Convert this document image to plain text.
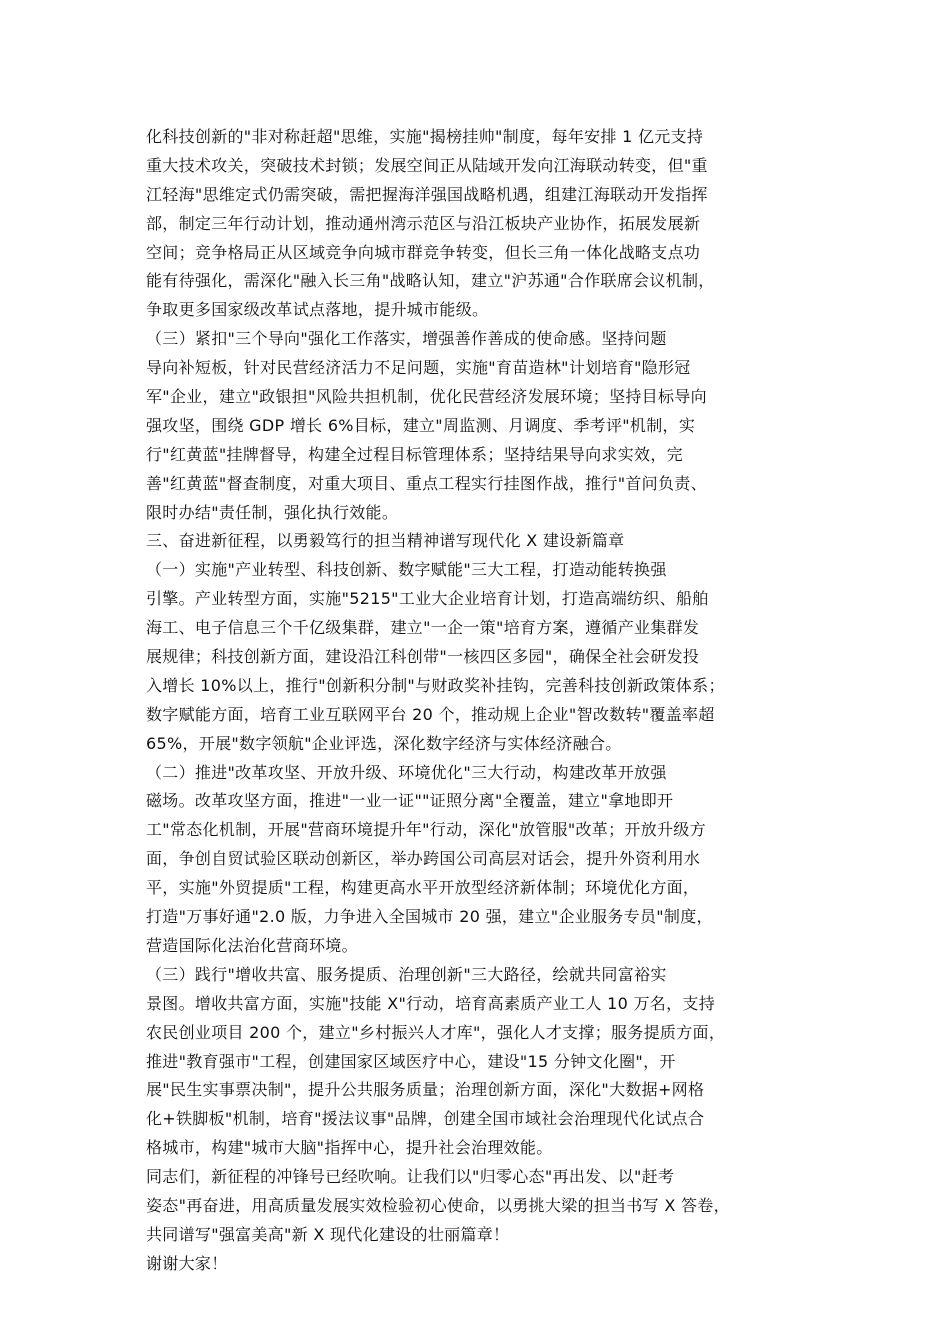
化科技创新的"非对称赶超"思维，实施"揭榜挂帅"制度，每年安排 1 亿元支持
重大技术攻关，突破技术封锁；发展空间正从陆域开发向江海联动转变，但"重
江轻海"思维定式仍需突破，需把握海洋强国战略机遇，组建江海联动开发指挥
部，制定三年行动计划，推动通州湾示范区与沿江板块产业协作，拓展发展新
空间；竞争格局正从区域竞争向城市群竞争转变，但长三角一体化战略支点功
能有待强化，需深化"融入长三角"战略认知，建立"沪苏通"合作联席会议机制，
争取更多国家级改革试点落地，提升城市能级。
（三）紧扣"三个导向"强化工作落实，增强善作善成的使命感。坚持问题
导向补短板，针对民营经济活力不足问题，实施"育苗造林"计划培育"隐形冠
军"企业，建立"政银担"风险共担机制，优化民营经济发展环境；坚持目标导向
强攻坚，围绕 GDP 增长 6%目标，建立"周监测、月调度、季考评"机制，实
行"红黄蓝"挂牌督导，构建全过程目标管理体系；坚持结果导向求实效，完
善"红黄蓝"督查制度，对重大项目、重点工程实行挂图作战，推行"首问负责、
限时办结"责任制，强化执行效能。
三、奋进新征程，以勇毅笃行的担当精神谱写现代化 X 建设新篇章
（一）实施"产业转型、科技创新、数字赋能"三大工程，打造动能转换强
引擎。产业转型方面，实施"5215"工业大企业培育计划，打造高端纺织、船舶
海工、电子信息三个千亿级集群，建立"一企一策"培育方案，遵循产业集群发
展规律；科技创新方面，建设沿江科创带"一核四区多园"，确保全社会研发投
入增长 10%以上，推行"创新积分制"与财政奖补挂钩，完善科技创新政策体系；
数字赋能方面，培育工业互联网平台 20 个，推动规上企业"智改数转"覆盖率超
65%，开展"数字领航"企业评选，深化数字经济与实体经济融合。
（二）推进"改革攻坚、开放升级、环境优化"三大行动，构建改革开放强
磁场。改革攻坚方面，推进"一业一证""证照分离"全覆盖，建立"拿地即开
工"常态化机制，开展"营商环境提升年"行动，深化"放管服"改革；开放升级方
面，争创自贸试验区联动创新区，举办跨国公司高层对话会，提升外资利用水
平，实施"外贸提质"工程，构建更高水平开放型经济新体制；环境优化方面，
打造"万事好通"2.0 版，力争进入全国城市 20 强，建立"企业服务专员"制度，
营造国际化法治化营商环境。
（三）践行"增收共富、服务提质、治理创新"三大路径，绘就共同富裕实
景图。增收共富方面，实施"技能 X"行动，培育高素质产业工人 10 万名，支持
农民创业项目 200 个，建立"乡村振兴人才库"，强化人才支撑；服务提质方面，
推进"教育强市"工程，创建国家区域医疗中心，建设"15 分钟文化圈"，开
展"民生实事票决制"，提升公共服务质量；治理创新方面，深化"大数据+网格
化+铁脚板"机制，培育"援法议事"品牌，创建全国市域社会治理现代化试点合
格城市，构建"城市大脑"指挥中心，提升社会治理效能。
同志们，新征程的冲锋号已经吹响。让我们以"归零心态"再出发、以"赶考
姿态"再奋进，用高质量发展实效检验初心使命，以勇挑大梁的担当书写 X 答卷，
共同谱写"强富美高"新 X 现代化建设的壮丽篇章！
谢谢大家！
